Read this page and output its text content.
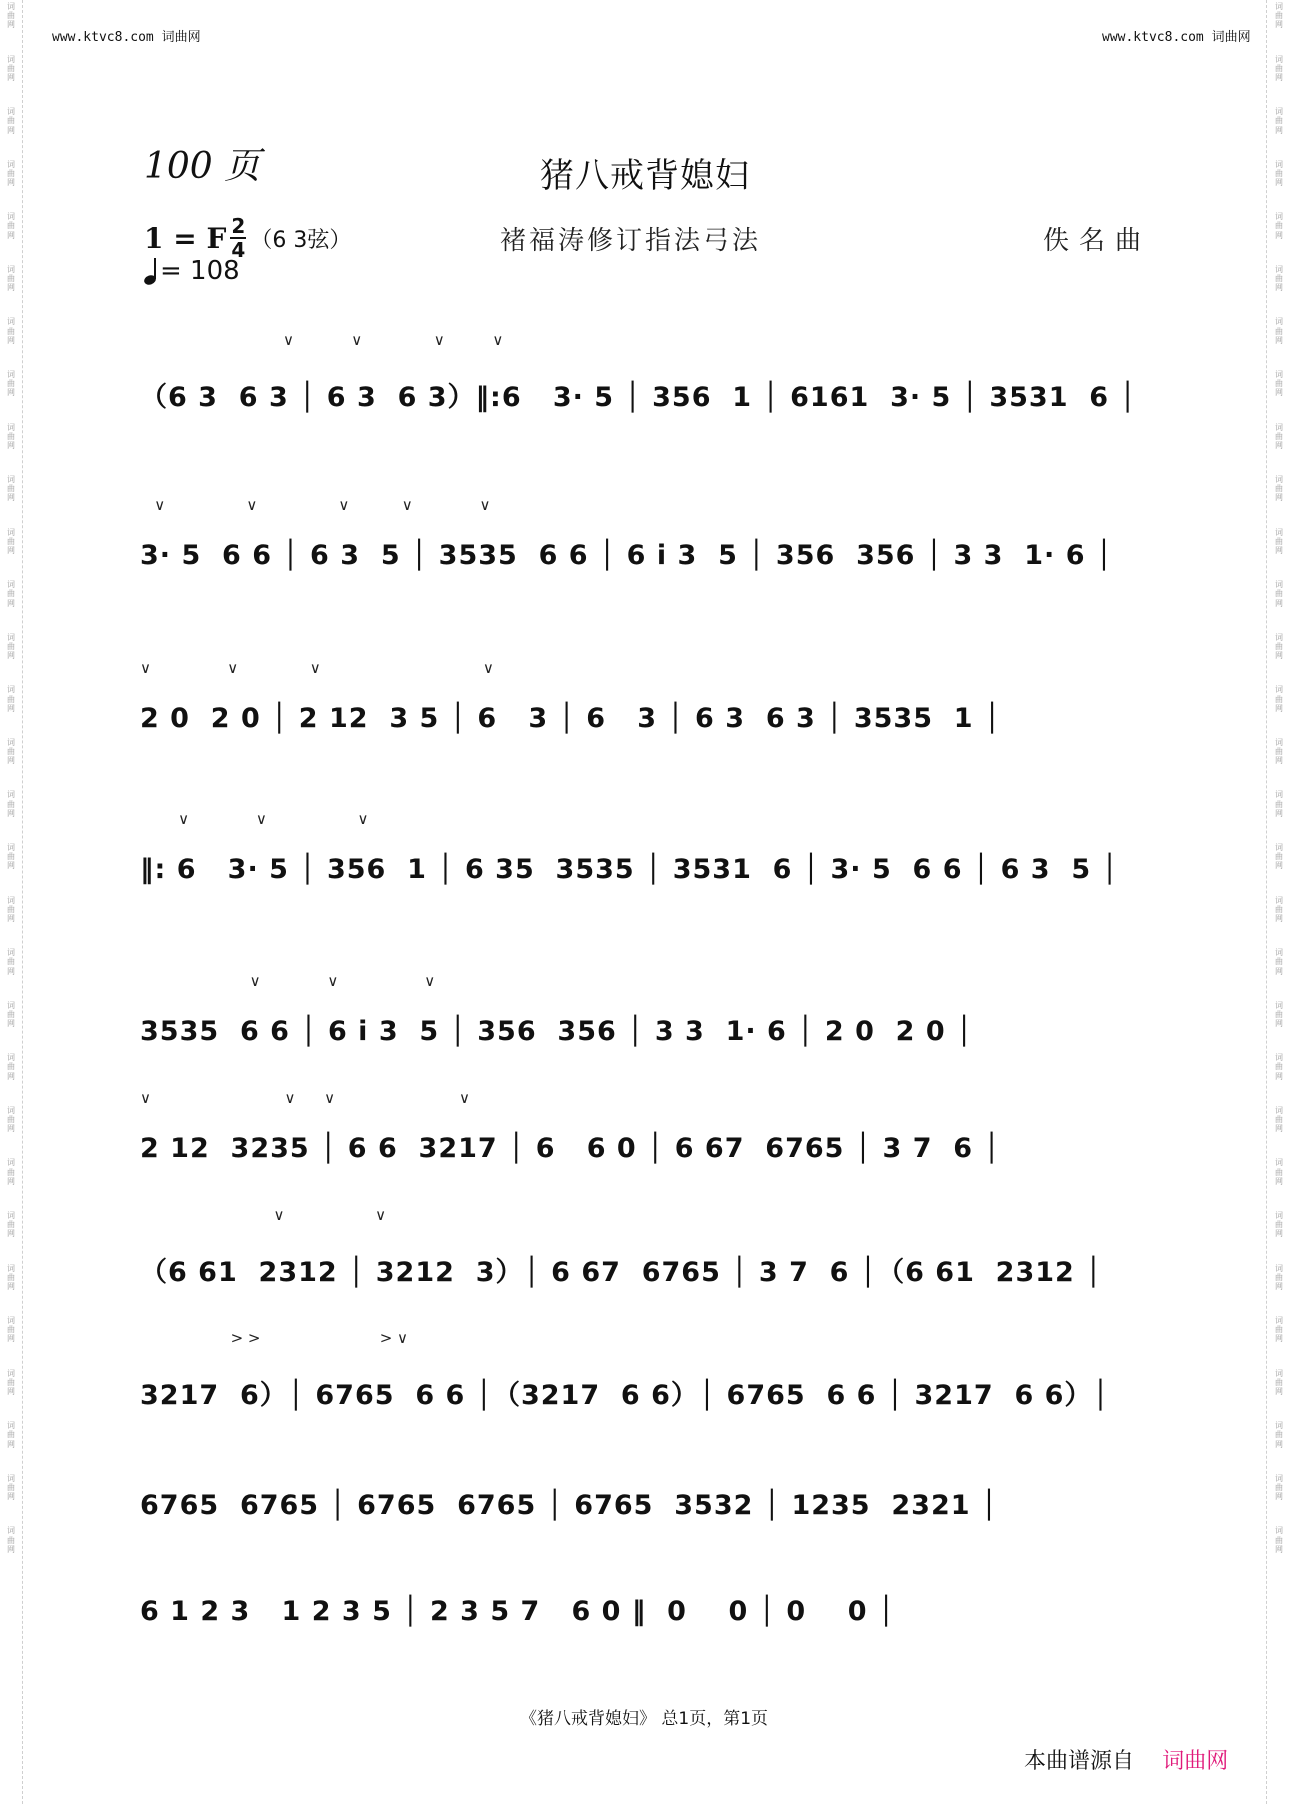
词
曲
网
词
曲
网
词
曲
网
词
曲
网
词
曲
网
词
曲
网
词
曲
网
词
曲
网
词
曲
网
词
曲
网
词
曲
网
词
曲
网
词
曲
网
词
曲
网
词
曲
网
词
曲
网
词
曲
网
词
曲
网
词
曲
网
词
曲
网
词
曲
网
词
曲
网
词
曲
网
词
曲
网
词
曲
网
词
曲
网
词
曲
网
词
曲
网
词
曲
网
词
曲
网
词
曲
网
词
曲
网
词
曲
网
词
曲
网
词
曲
网
词
曲
网
词
曲
网
词
曲
网
词
曲
网
词
曲
网
词
曲
网
词
曲
网
词
曲
网
词
曲
网
词
曲
网
词
曲
网
词
曲
网
词
曲
网
词
曲
网
词
曲
网
词
曲
网
词
曲
网
词
曲
网
词
曲
网
词
曲
网
词
曲
网
词
曲
网
词
曲
网
词
曲
网
词
曲
网
www.ktvc8.com 词曲网	www.ktvc8.com 词曲网
100 页	猪八戒背媳妇
1 = F $\frac{2}{4} (6$ 3弦）
= 108
褚福涛修订指法弓法	佚名曲
∨            ∨               ∨          ∨
（6 3  6 3 │ 6 3  6 3）‖:6   3· 5 │ 356  1 │ 6161  3· 5 │ 3531  6 │
∨                 ∨                 ∨           ∨              ∨
3· 5  6 6 │ 6 3  5 │ 3535  6 6 │ 6 i 3  5 │ 356  356 │ 3 3  1· 6 │
∨                ∨               ∨                                  ∨
2 0  2 0 │ 2 12  3 5 │ 6   3 │ 6   3 │ 6 3  6 3 │ 3535  1 │
∨              ∨                   ∨
‖: 6   3· 5 │ 356  1 │ 6 35  3535 │ 3531  6 │ 3· 5  6 6 │ 6 3  5 │
∨              ∨                  ∨
3535  6 6 │ 6 i 3  5 │ 356  356 │ 3 3  1· 6 │ 2 0  2 0 │
∨                            ∨      ∨                          ∨
2 12  3235 │ 6 6  3217 │ 6   6 0 │ 6 67  6765 │ 3 7  6 │
∨                   ∨
（6 61  2312 │ 3212  3）│ 6 67  6765 │ 3 7  6 │（6 61  2312 │
> >                         > ∨
3217  6）│ 6765  6 6 │（3217  6 6）│ 6765  6 6 │ 3217  6 6）│
6765  6765 │ 6765  6765 │ 6765  3532 │ 1235  2321 │
6 1 2 3   1 2 3 5 │ 2 3 5 7   6 0 ‖  0    0 │ 0    0 │
《猪八戒背媳妇》 总1页，第1页
本曲谱源自 词曲网
